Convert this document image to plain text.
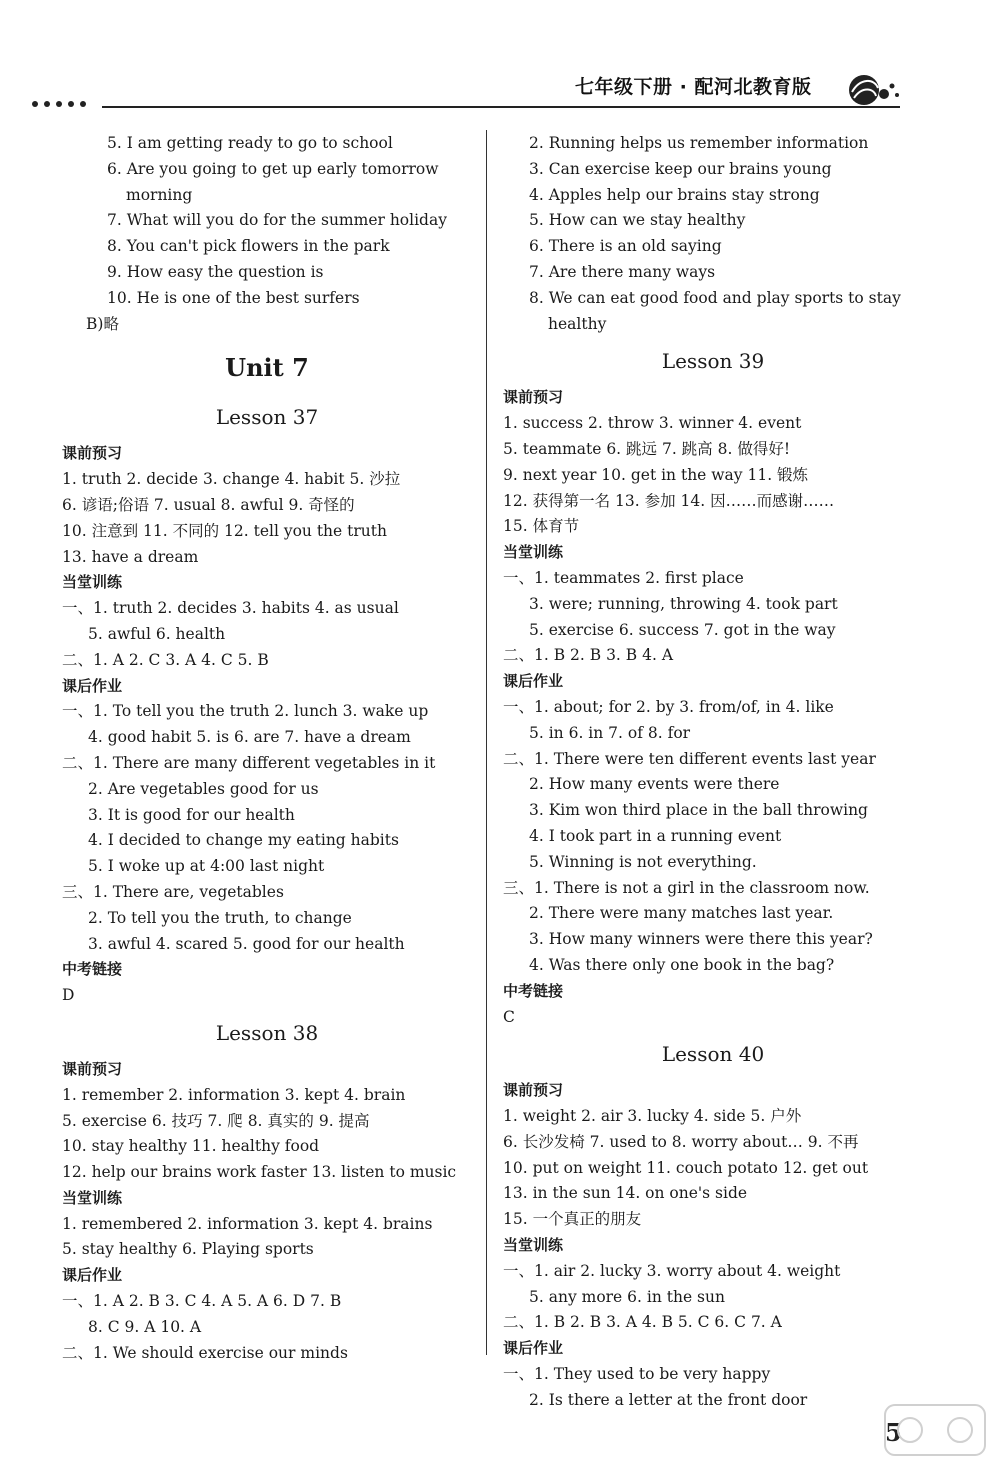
七年级下册 · 配河北教育版
5. I am getting ready to go to school
6. Are you going to get up early tomorrow
morning
7. What will you do for the summer holiday
8. You can't pick flowers in the park
9. How easy the question is
10. He is one of the best surfers
B)略
Unit 7
Lesson 37
课前预习
1. truth 2. decide 3. change 4. habit 5. 沙拉
6. 谚语;俗语 7. usual 8. awful 9. 奇怪的
10. 注意到 11. 不同的 12. tell you the truth
13. have a dream
当堂训练
一、1. truth 2. decides 3. habits 4. as usual
5. awful 6. health
二、1. A 2. C 3. A 4. C 5. B
课后作业
一、1. To tell you the truth 2. lunch 3. wake up
4. good habit 5. is 6. are 7. have a dream
二、1. There are many different vegetables in it
2. Are vegetables good for us
3. It is good for our health
4. I decided to change my eating habits
5. I woke up at 4:00 last night
三、1. There are, vegetables
2. To tell you the truth, to change
3. awful 4. scared 5. good for our health
中考链接
D
Lesson 38
课前预习
1. remember 2. information 3. kept 4. brain
5. exercise 6. 技巧 7. 爬 8. 真实的 9. 提高
10. stay healthy 11. healthy food
12. help our brains work faster 13. listen to music
当堂训练
1. remembered 2. information 3. kept 4. brains
5. stay healthy 6. Playing sports
课后作业
一、1. A 2. B 3. C 4. A 5. A 6. D 7. B
8. C 9. A 10. A
二、1. We should exercise our minds
2. Running helps us remember information
3. Can exercise keep our brains young
4. Apples help our brains stay strong
5. How can we stay healthy
6. There is an old saying
7. Are there many ways
8. We can eat good food and play sports to stay
healthy
Lesson 39
课前预习
1. success 2. throw 3. winner 4. event
5. teammate 6. 跳远 7. 跳高 8. 做得好!
9. next year 10. get in the way 11. 锻炼
12. 获得第一名 13. 参加 14. 因……而感谢……
15. 体育节
当堂训练
一、1. teammates 2. first place
3. were; running, throwing 4. took part
5. exercise 6. success 7. got in the way
二、1. B 2. B 3. B 4. A
课后作业
一、1. about; for 2. by 3. from/of, in 4. like
5. in 6. in 7. of 8. for
二、1. There were ten different events last year
2. How many events were there
3. Kim won third place in the ball throwing
4. I took part in a running event
5. Winning is not everything.
三、1. There is not a girl in the classroom now.
2. There were many matches last year.
3. How many winners were there this year?
4. Was there only one book in the bag?
中考链接
C
Lesson 40
课前预习
1. weight 2. air 3. lucky 4. side 5. 户外
6. 长沙发椅 7. used to 8. worry about… 9. 不再
10. put on weight 11. couch potato 12. get out
13. in the sun 14. on one's side
15. 一个真正的朋友
当堂训练
一、1. air 2. lucky 3. worry about 4. weight
5. any more 6. in the sun
二、1. B 2. B 3. A 4. B 5. C 6. C 7. A
课后作业
一、1. They used to be very happy
2. Is there a letter at the front door
5
